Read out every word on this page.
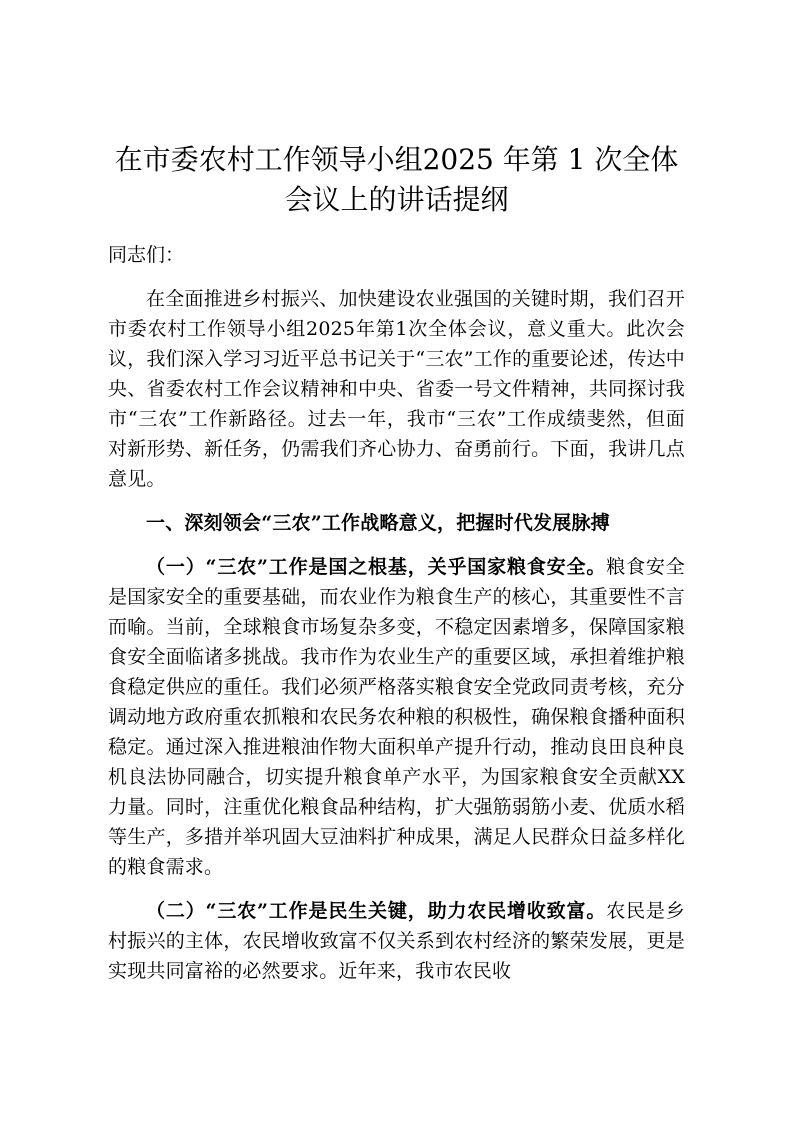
在市委农村工作领导小组2025 年第 1 次全体会议上的讲话提纲

同志们：

在全面推进乡村振兴、加快建设农业强国的关键时期，我们召开市委农村工作领导小组2025年第1次全体会议，意义重大。此次会议，我们深入学习习近平总书记关于“三农”工作的重要论述，传达中央、省委农村工作会议精神和中央、省委一号文件精神，共同探讨我市“三农”工作新路径。过去一年，我市“三农”工作成绩斐然，但面对新形势、新任务，仍需我们齐心协力、奋勇前行。下面，我讲几点意见。

一、深刻领会“三农”工作战略意义，把握时代发展脉搏

（一）“三农”工作是国之根基，关乎国家粮食安全。粮食安全是国家安全的重要基础，而农业作为粮食生产的核心，其重要性不言而喻。当前，全球粮食市场复杂多变，不稳定因素增多，保障国家粮食安全面临诸多挑战。我市作为农业生产的重要区域，承担着维护粮食稳定供应的重任。我们必须严格落实粮食安全党政同责考核，充分调动地方政府重农抓粮和农民务农种粮的积极性，确保粮食播种面积稳定。通过深入推进粮油作物大面积单产提升行动，推动良田良种良机良法协同融合，切实提升粮食单产水平，为国家粮食安全贡献XX力量。同时，注重优化粮食品种结构，扩大强筋弱筋小麦、优质水稻等生产，多措并举巩固大豆油料扩种成果，满足人民群众日益多样化的粮食需求。

（二）“三农”工作是民生关键，助力农民增收致富。农民是乡村振兴的主体，农民增收致富不仅关系到农村经济的繁荣发展，更是实现共同富裕的必然要求。近年来，我市农民收
